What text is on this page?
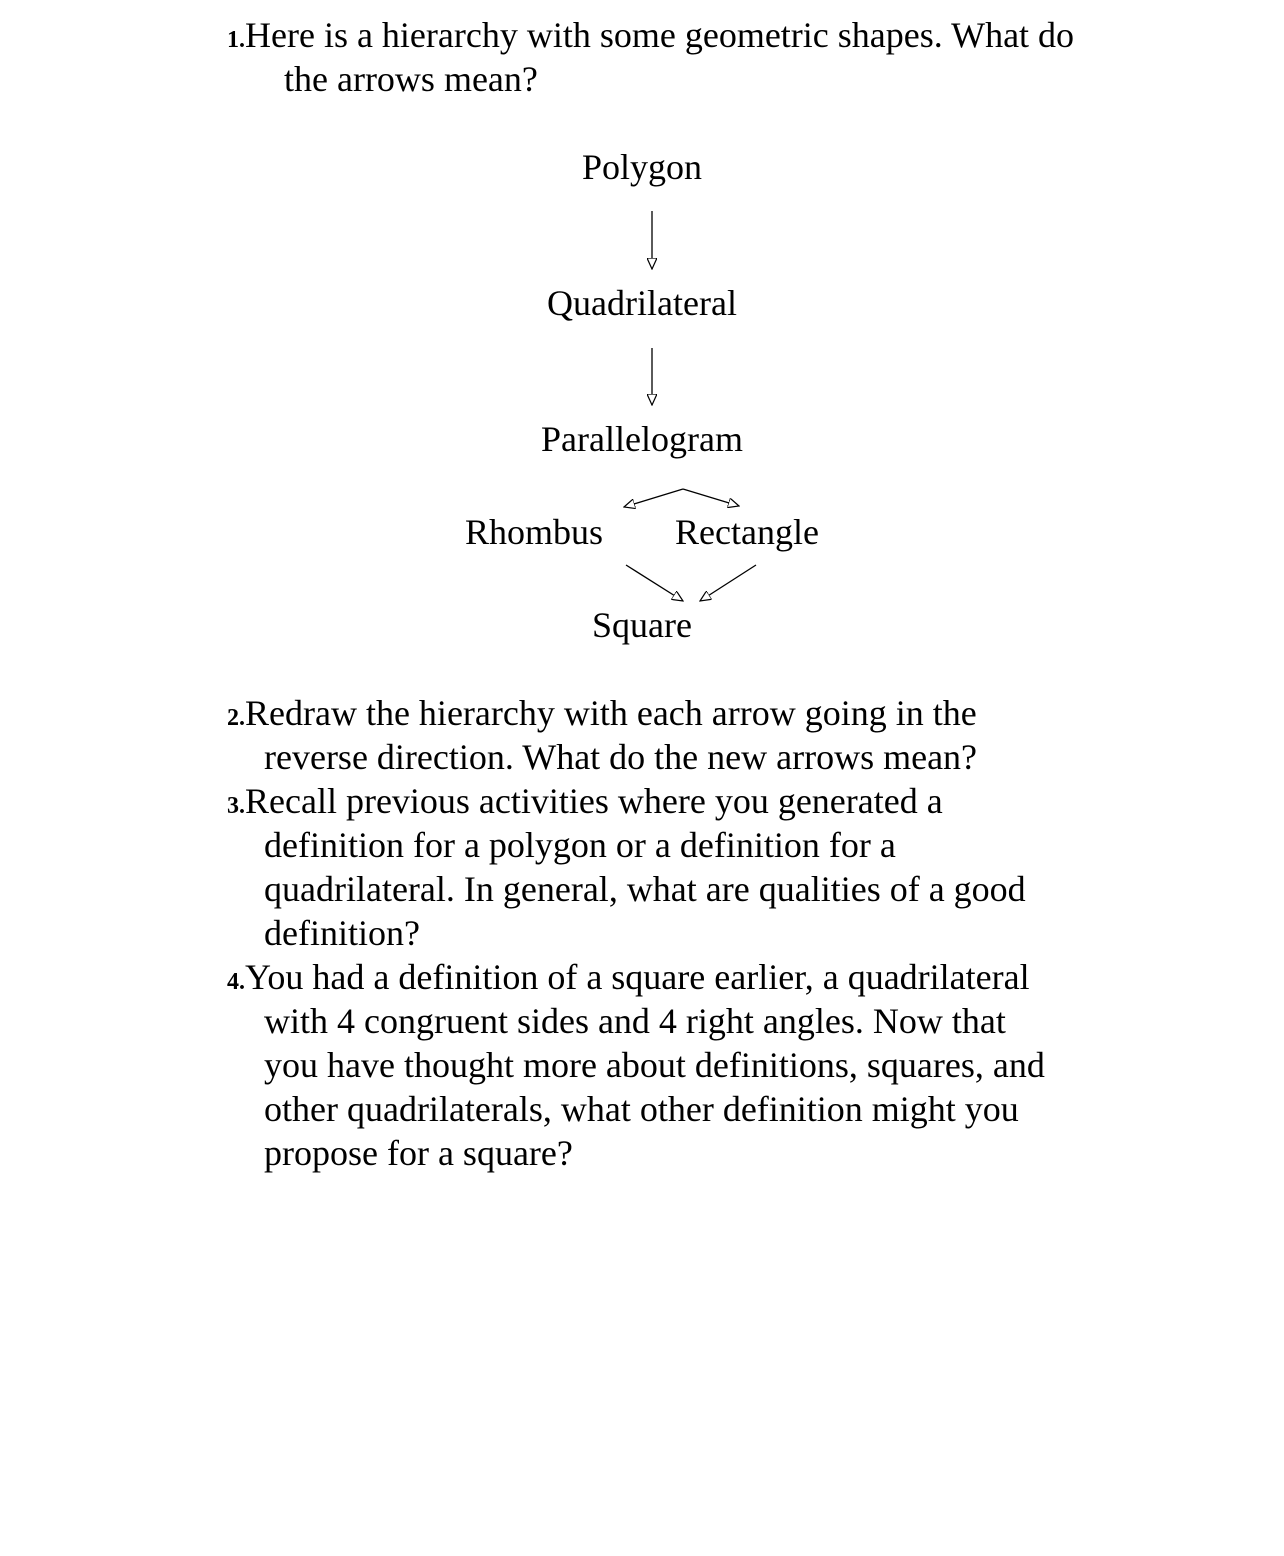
1.Here is a hierarchy with some geometric shapes. What do
the arrows mean?
Polygon
Quadrilateral
Parallelogram
Rhombus	Rectangle
Square
2.Redraw the hierarchy with each arrow going in the
reverse direction. What do the new arrows mean?
3.Recall previous activities where you generated a
definition for a polygon or a definition for a
quadrilateral. In general, what are qualities of a good
definition?
4.You had a definition of a square earlier, a quadrilateral
with 4 congruent sides and 4 right angles. Now that
you have thought more about definitions, squares, and
other quadrilaterals, what other definition might you
propose for a square?
